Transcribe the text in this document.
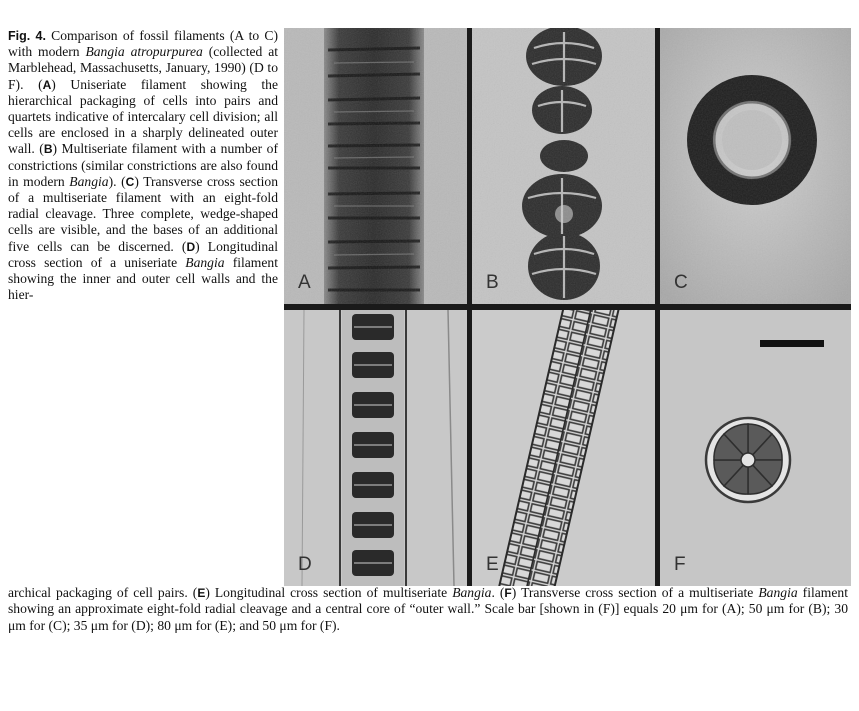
Fig. 4. Comparison of fossil filaments (A to C) with modern Bangia atropurpurea (collected at Marblehead, Massachusetts, January, 1990) (D to F). (A) Uniseriate filament showing the hierarchical packaging of cells into pairs and quartets indicative of intercalary cell division; all cells are enclosed in a sharply delineated outer wall. (B) Multiseriate filament with a number of constrictions (similar constrictions are also found in modern Bangia). (C) Transverse cross section of a multiseriate filament with an eight-fold radial cleavage. Three complete, wedge-shaped cells are visible, and the bases of an additional five cells can be discerned. (D) Longitudinal cross section of a uniseriate Bangia filament showing the inner and outer cell walls and the hier-
A	B	C
D	E	F
archical packaging of cell pairs. (E) Longitudinal cross section of multiseriate Bangia. (F) Transverse cross section of a multiseriate Bangia filament showing an approximate eight-fold radial cleavage and a central core of “outer wall.” Scale bar [shown in (F)] equals 20 μm for (A); 50 μm for (B); 30 μm for (C); 35 μm for (D); 80 μm for (E); and 50 μm for (F).
